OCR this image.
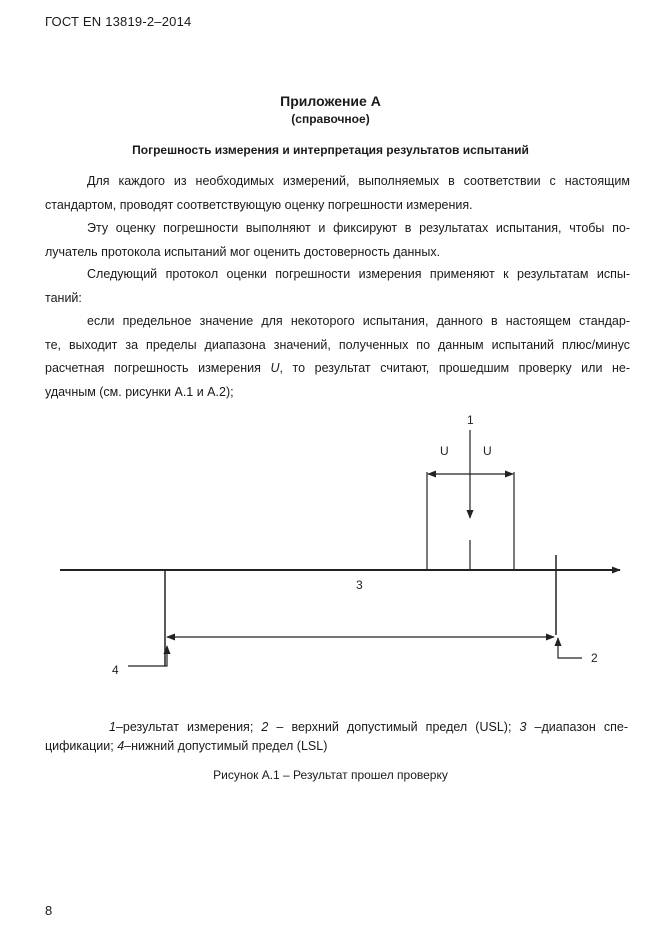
ГОСТ EN 13819-2–2014
Приложение А
(справочное)
Погрешность измерения и интерпретация результатов испытаний
Для каждого из необходимых измерений, выполняемых в соответствии с настоящим
стандартом, проводят соответствующую оценку погрешности измерения.
Эту оценку погрешности выполняют и фиксируют в результатах испытания, чтобы по-
лучатель протокола испытаний мог оценить достоверность данных.
Следующий протокол оценки погрешности измерения применяют к результатам испы-
таний:
если предельное значение для некоторого испытания, данного в настоящем стандар-
те, выходит за пределы диапазона значений, полученных по данным испытаний плюс/минус
расчетная погрешность измерения U, то результат считают, прошедшим проверку или не-
удачным (см. рисунки А.1 и А.2);
1
U	U
3
4
2
1–результат измерения; 2 – верхний допустимый предел (USL); 3 –диапазон спе-
цификации; 4–нижний допустимый предел (LSL)
Рисунок А.1 – Результат прошел проверку
8
